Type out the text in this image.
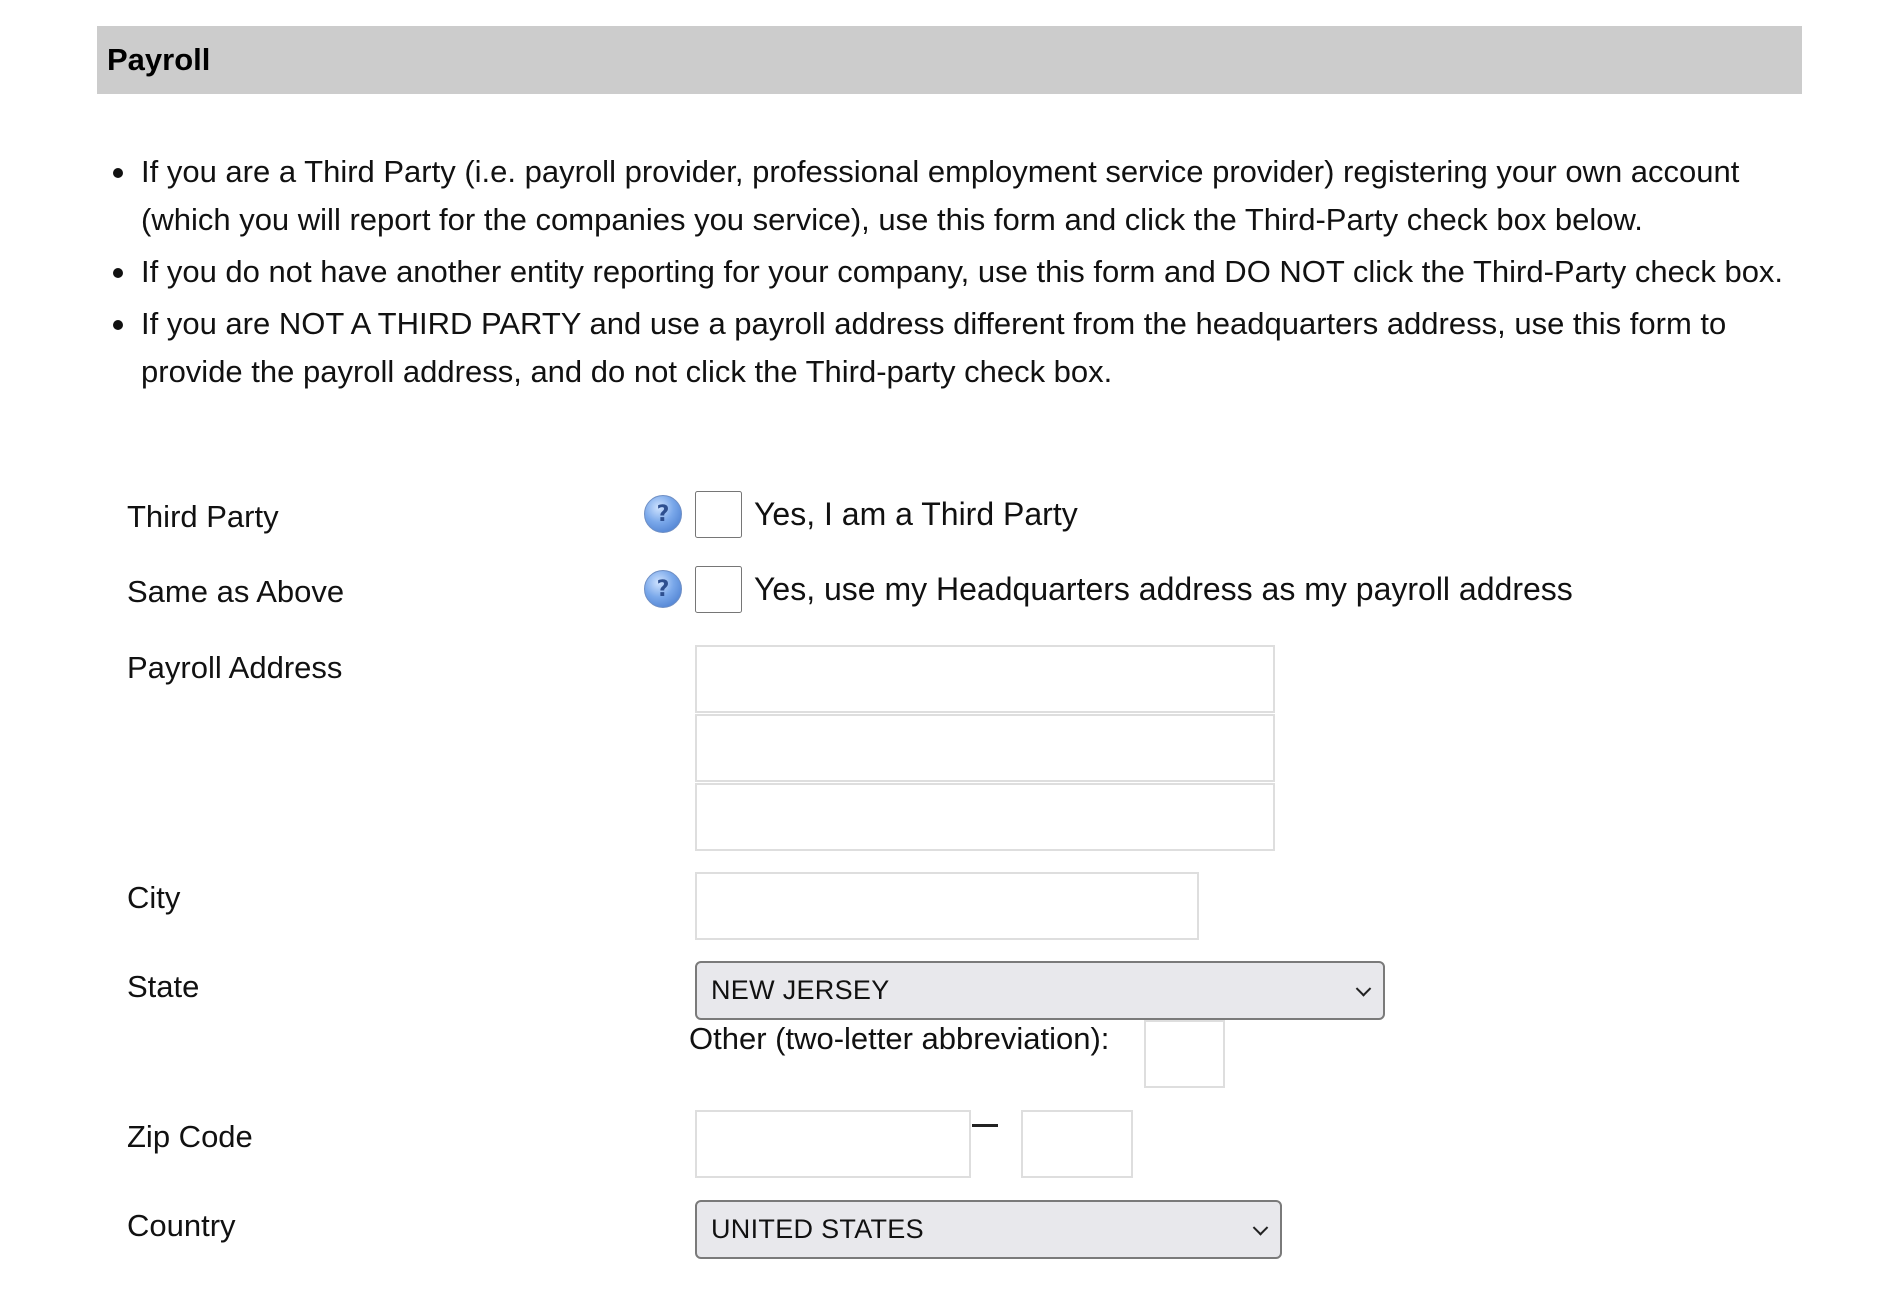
Payroll
If you are a Third Party (i.e. payroll provider, professional employment service provider) registering your own account (which you will report for the companies you service), use this form and click the Third-Party check box below.
If you do not have another entity reporting for your company, use this form and DO NOT click the Third-Party check box.
If you are NOT A THIRD PARTY and use a payroll address different from the headquarters address, use this form to provide the payroll address, and do not click the Third-party check box.
Third Party	?	Yes, I am a Third Party
Same as Above	?	Yes, use my Headquarters address as my payroll address
Payroll Address
City
State	NEW JERSEY
Other (two-letter abbreviation):
Zip Code
Country	UNITED STATES
